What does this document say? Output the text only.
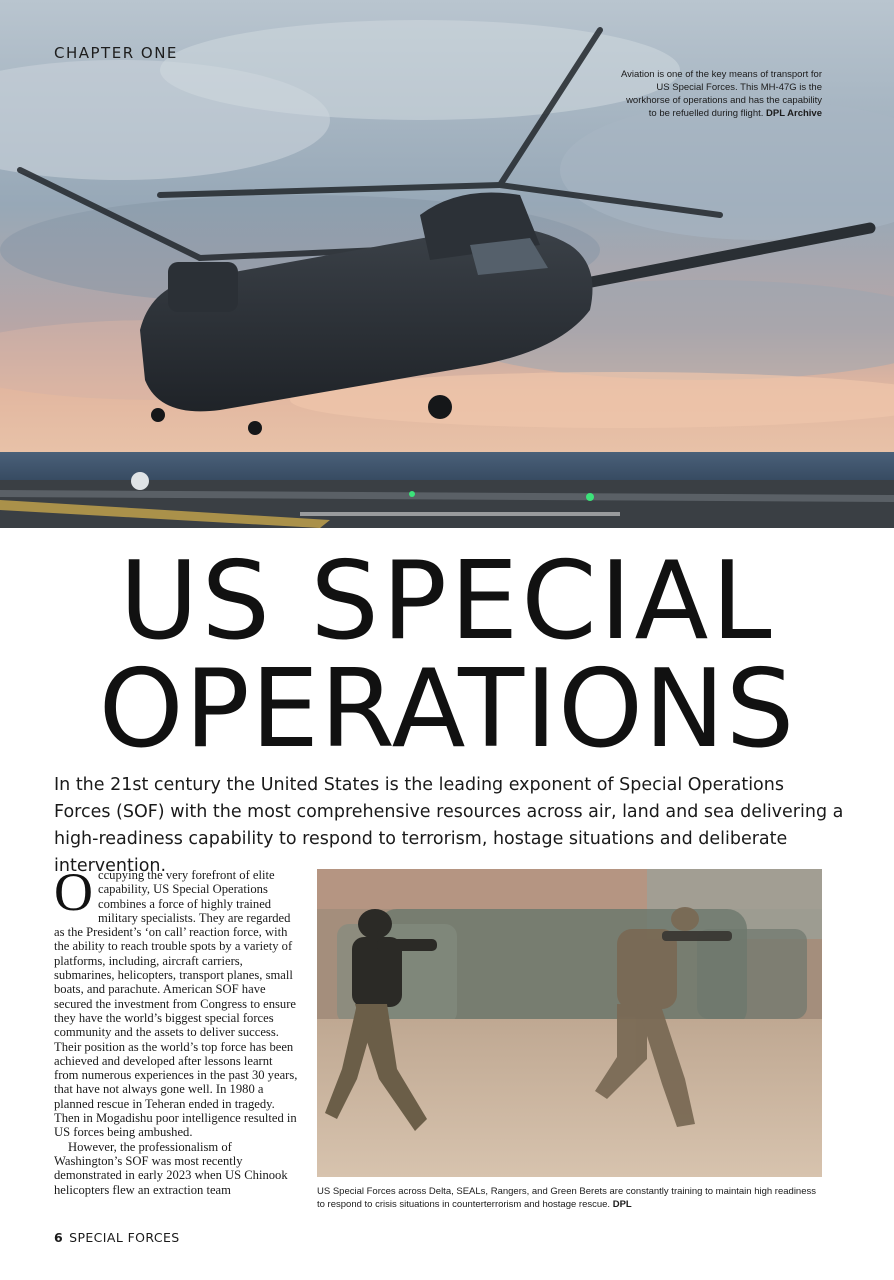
CHAPTER ONE
Aviation is one of the key means of transport for US Special Forces. This MH-47G is the workhorse of operations and has the capability to be refuelled during flight. DPL Archive
US SPECIAL
OPERATIONS
In the 21st century the United States is the leading exponent of Special Operations Forces (SOF) with the most comprehensive resources across air, land and sea delivering a high-readiness capability to respond to terrorism, hostage situations and deliberate intervention.

Occupying the very forefront of elite capability, US Special Operations combines a force of highly trained military specialists. They are regarded as the President’s ‘on call’ reaction force, with the ability to reach trouble spots by a variety of platforms, including, aircraft carriers, submarines, helicopters, transport planes, small boats, and parachute. American SOF have secured the investment from Congress to ensure they have the world’s biggest special forces community and the assets to deliver success. Their position as the world’s top force has been achieved and developed after lessons learnt from numerous experiences in the past 30 years, that have not always gone well. In 1980 a planned rescue in Teheran ended in tragedy. Then in Mogadishu poor intelligence resulted in US forces being ambushed.

However, the professionalism of Washington’s SOF was most recently demonstrated in early 2023 when US Chinook helicopters flew an extraction team	US Special Forces across Delta, SEALs, Rangers, and Green Berets are constantly training to maintain high readiness to respond to crisis situations in counterterrorism and hostage rescue. DPL
6 SPECIAL FORCES
